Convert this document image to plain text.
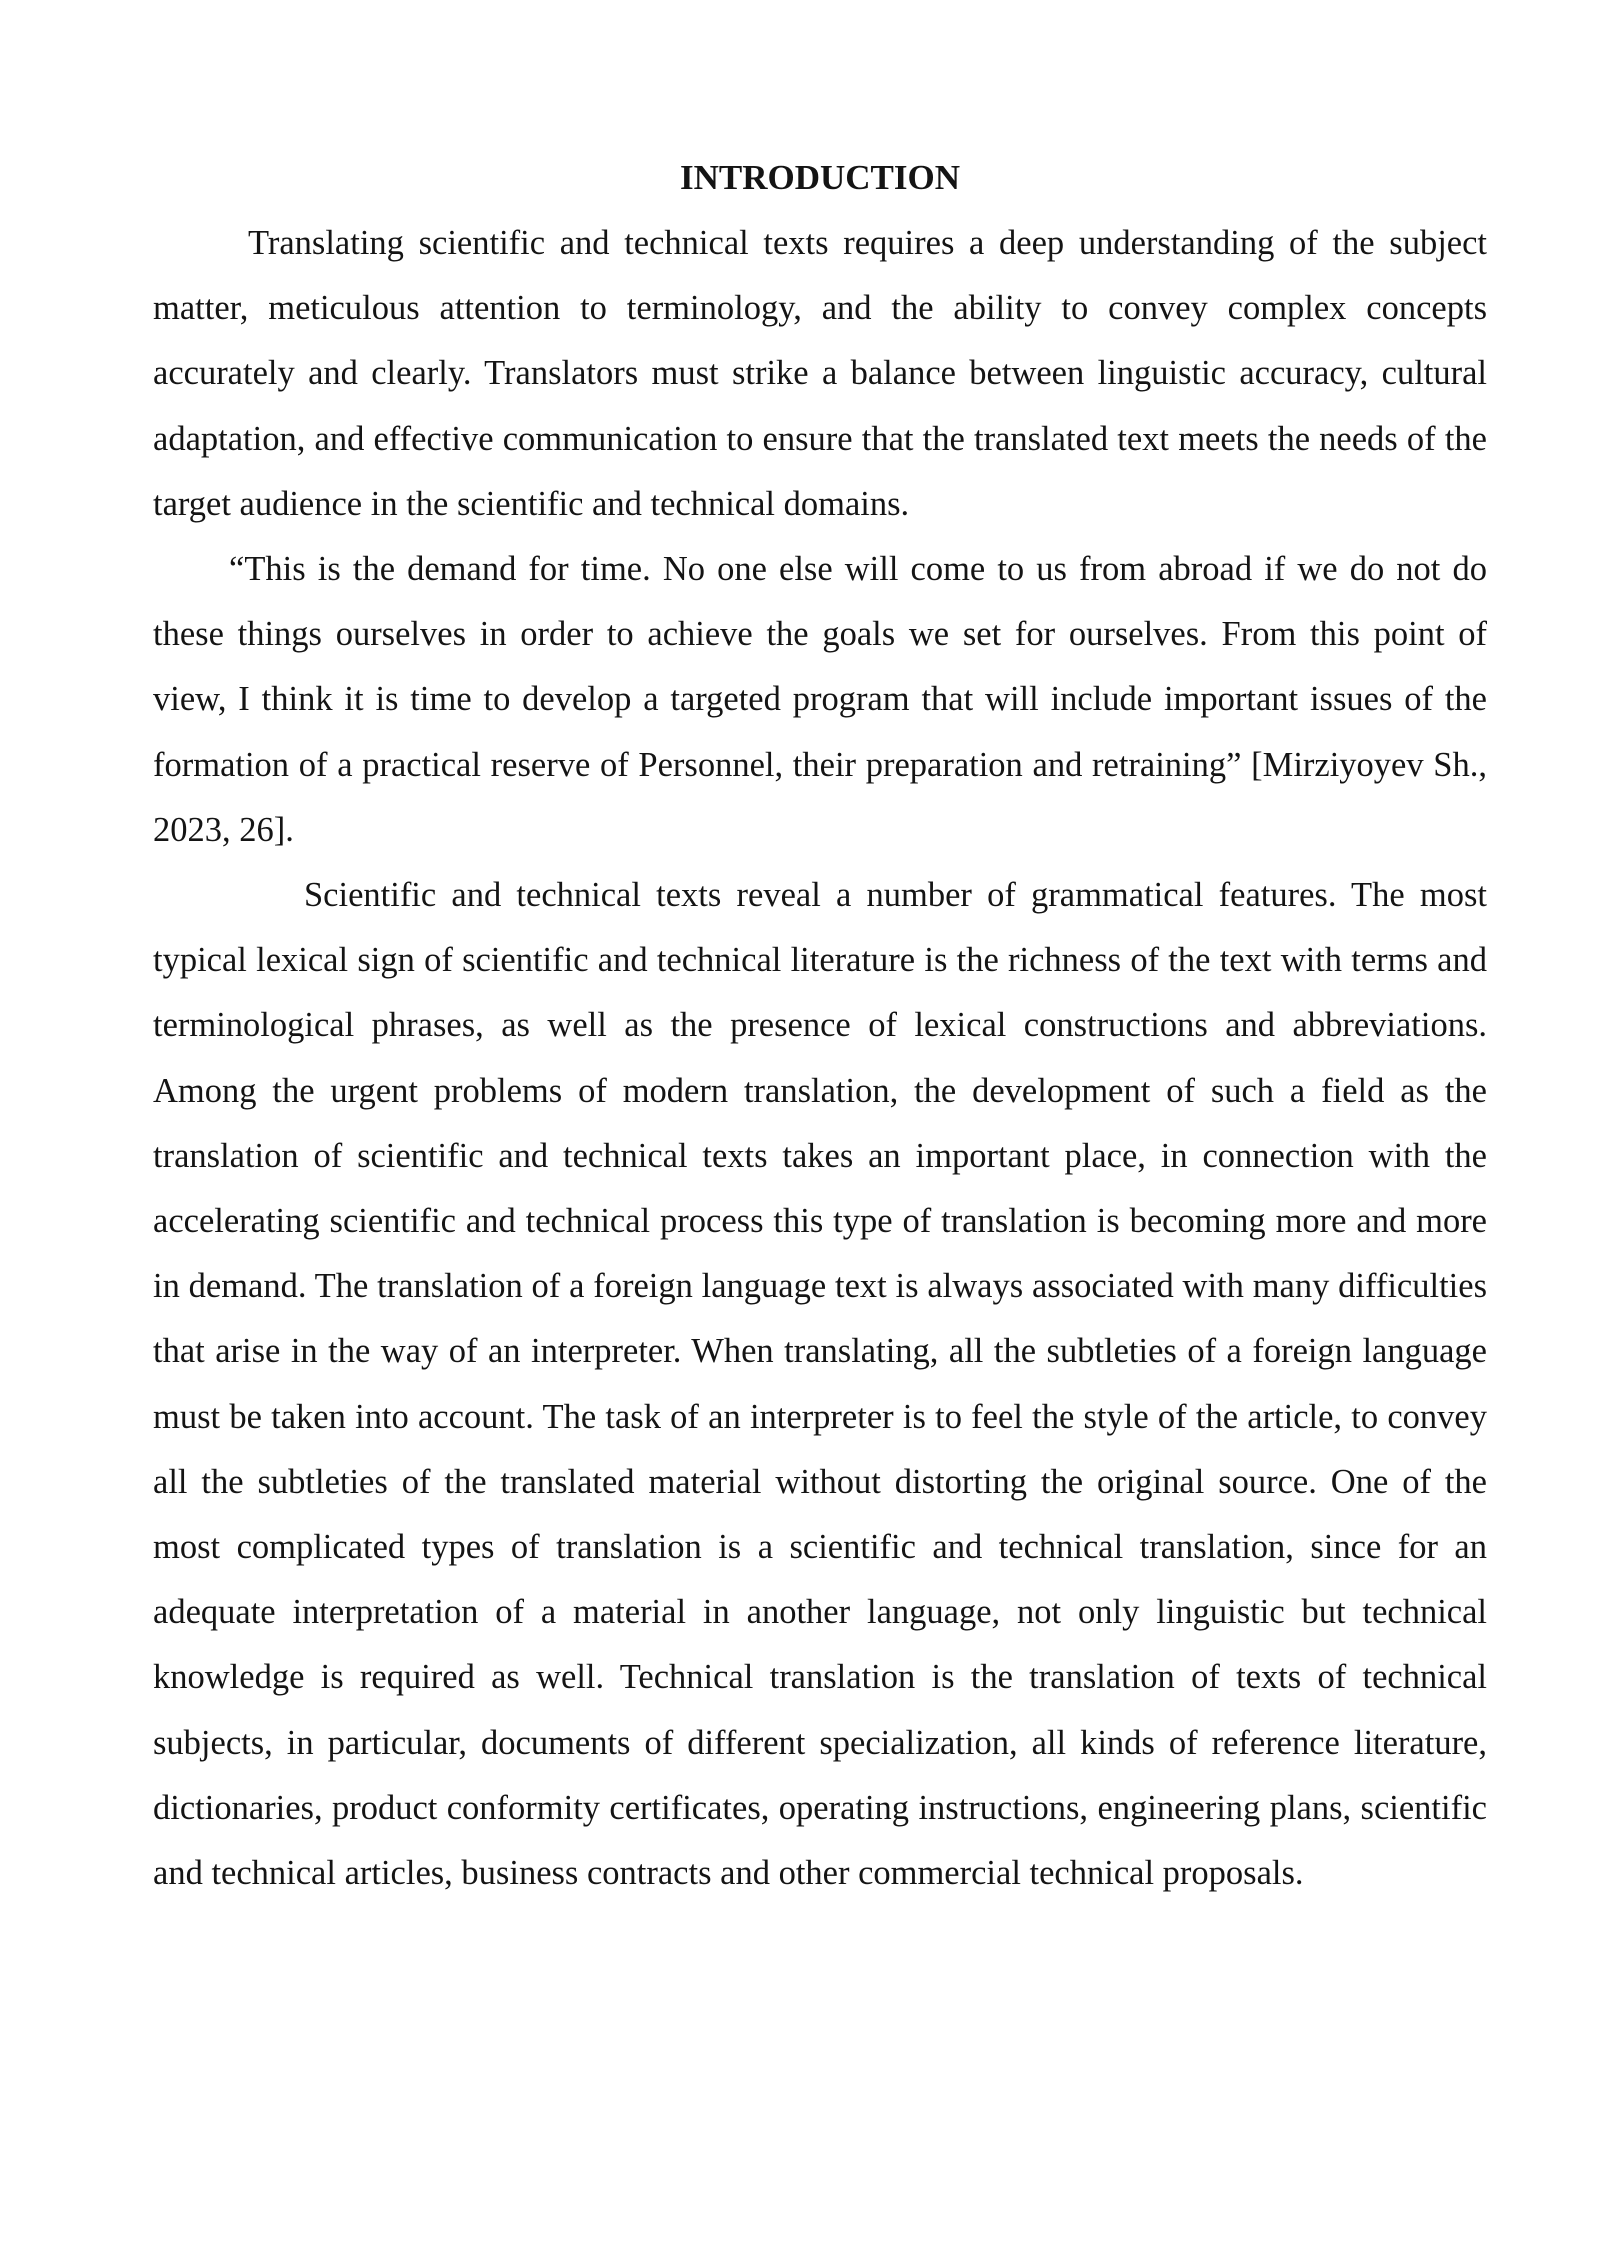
INTRODUCTION

Translating scientific and technical texts requires a deep understanding of the subject matter, meticulous attention to terminology, and the ability to convey complex concepts accurately and clearly. Translators must strike a balance between linguistic accuracy, cultural adaptation, and effective communication to ensure that the translated text meets the needs of the target audience in the scientific and technical domains.

“This is the demand for time. No one else will come to us from abroad if we do not do these things ourselves in order to achieve the goals we set for ourselves. From this point of view, I think it is time to develop a targeted program that will include important issues of the formation of a practical reserve of Personnel, their preparation and retraining” [Mirziyoyev Sh., 2023, 26].

Scientific and technical texts reveal a number of grammatical features. The most typical lexical sign of scientific and technical literature is the richness of the text with terms and terminological phrases, as well as the presence of lexical constructions and abbreviations. Among the urgent problems of modern translation, the development of such a field as the translation of scientific and technical texts takes an important place, in connection with the accelerating scientific and technical process this type of translation is becoming more and more in demand. The translation of a foreign language text is always associated with many difficulties that arise in the way of an interpreter. When translating, all the subtleties of a foreign language must be taken into account. The task of an interpreter is to feel the style of the article, to convey all the subtleties of the translated material without distorting the original source. One of the most complicated types of translation is a scientific and technical translation, since for an adequate interpretation of a material in another language, not only linguistic but technical knowledge is required as well. Technical translation is the translation of texts of technical subjects, in particular, documents of different specialization, all kinds of reference literature, dictionaries, product conformity certificates, operating instructions, engineering plans, scientific and technical articles, business contracts and other commercial technical proposals.
